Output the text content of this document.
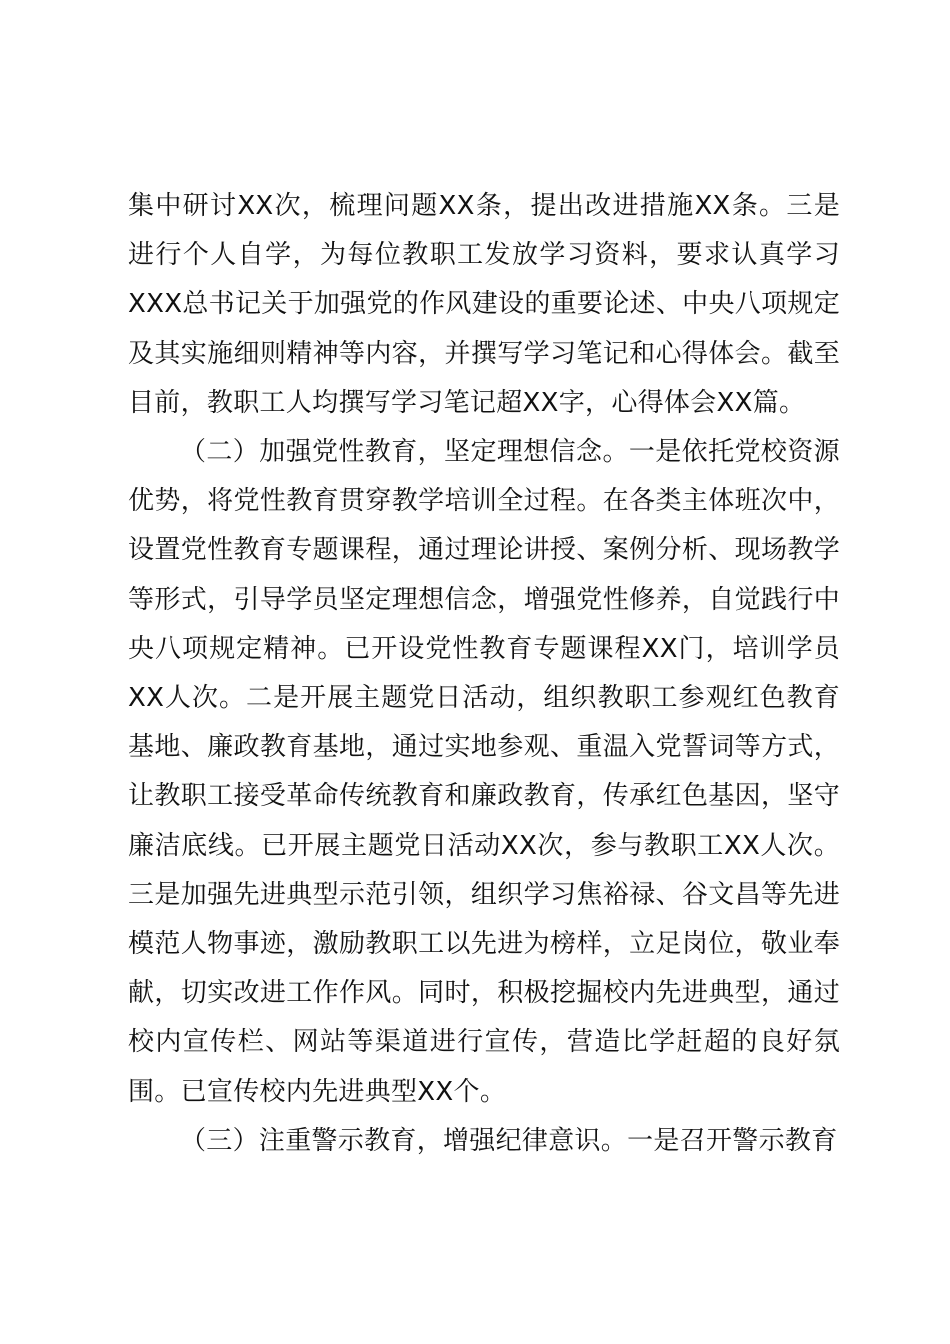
集中研讨XX次，梳理问题XX条，提出改进措施XX条。三是进行个人自学，为每位教职工发放学习资料，要求认真学习XXX总书记关于加强党的作风建设的重要论述、中央八项规定及其实施细则精神等内容，并撰写学习笔记和心得体会。截至目前，教职工人均撰写学习笔记超XX字，心得体会XX篇。

（二）加强党性教育，坚定理想信念。一是依托党校资源优势，将党性教育贯穿教学培训全过程。在各类主体班次中，设置党性教育专题课程，通过理论讲授、案例分析、现场教学等形式，引导学员坚定理想信念，增强党性修养，自觉践行中央八项规定精神。已开设党性教育专题课程XX门，培训学员XX人次。二是开展主题党日活动，组织教职工参观红色教育基地、廉政教育基地，通过实地参观、重温入党誓词等方式，让教职工接受革命传统教育和廉政教育，传承红色基因，坚守廉洁底线。已开展主题党日活动XX次，参与教职工XX人次。三是加强先进典型示范引领，组织学习焦裕禄、谷文昌等先进模范人物事迹，激励教职工以先进为榜样，立足岗位，敬业奉献，切实改进工作作风。同时，积极挖掘校内先进典型，通过校内宣传栏、网站等渠道进行宣传，营造比学赶超的良好氛围。已宣传校内先进典型XX个。

（三）注重警示教育，增强纪律意识。一是召开警示教育
